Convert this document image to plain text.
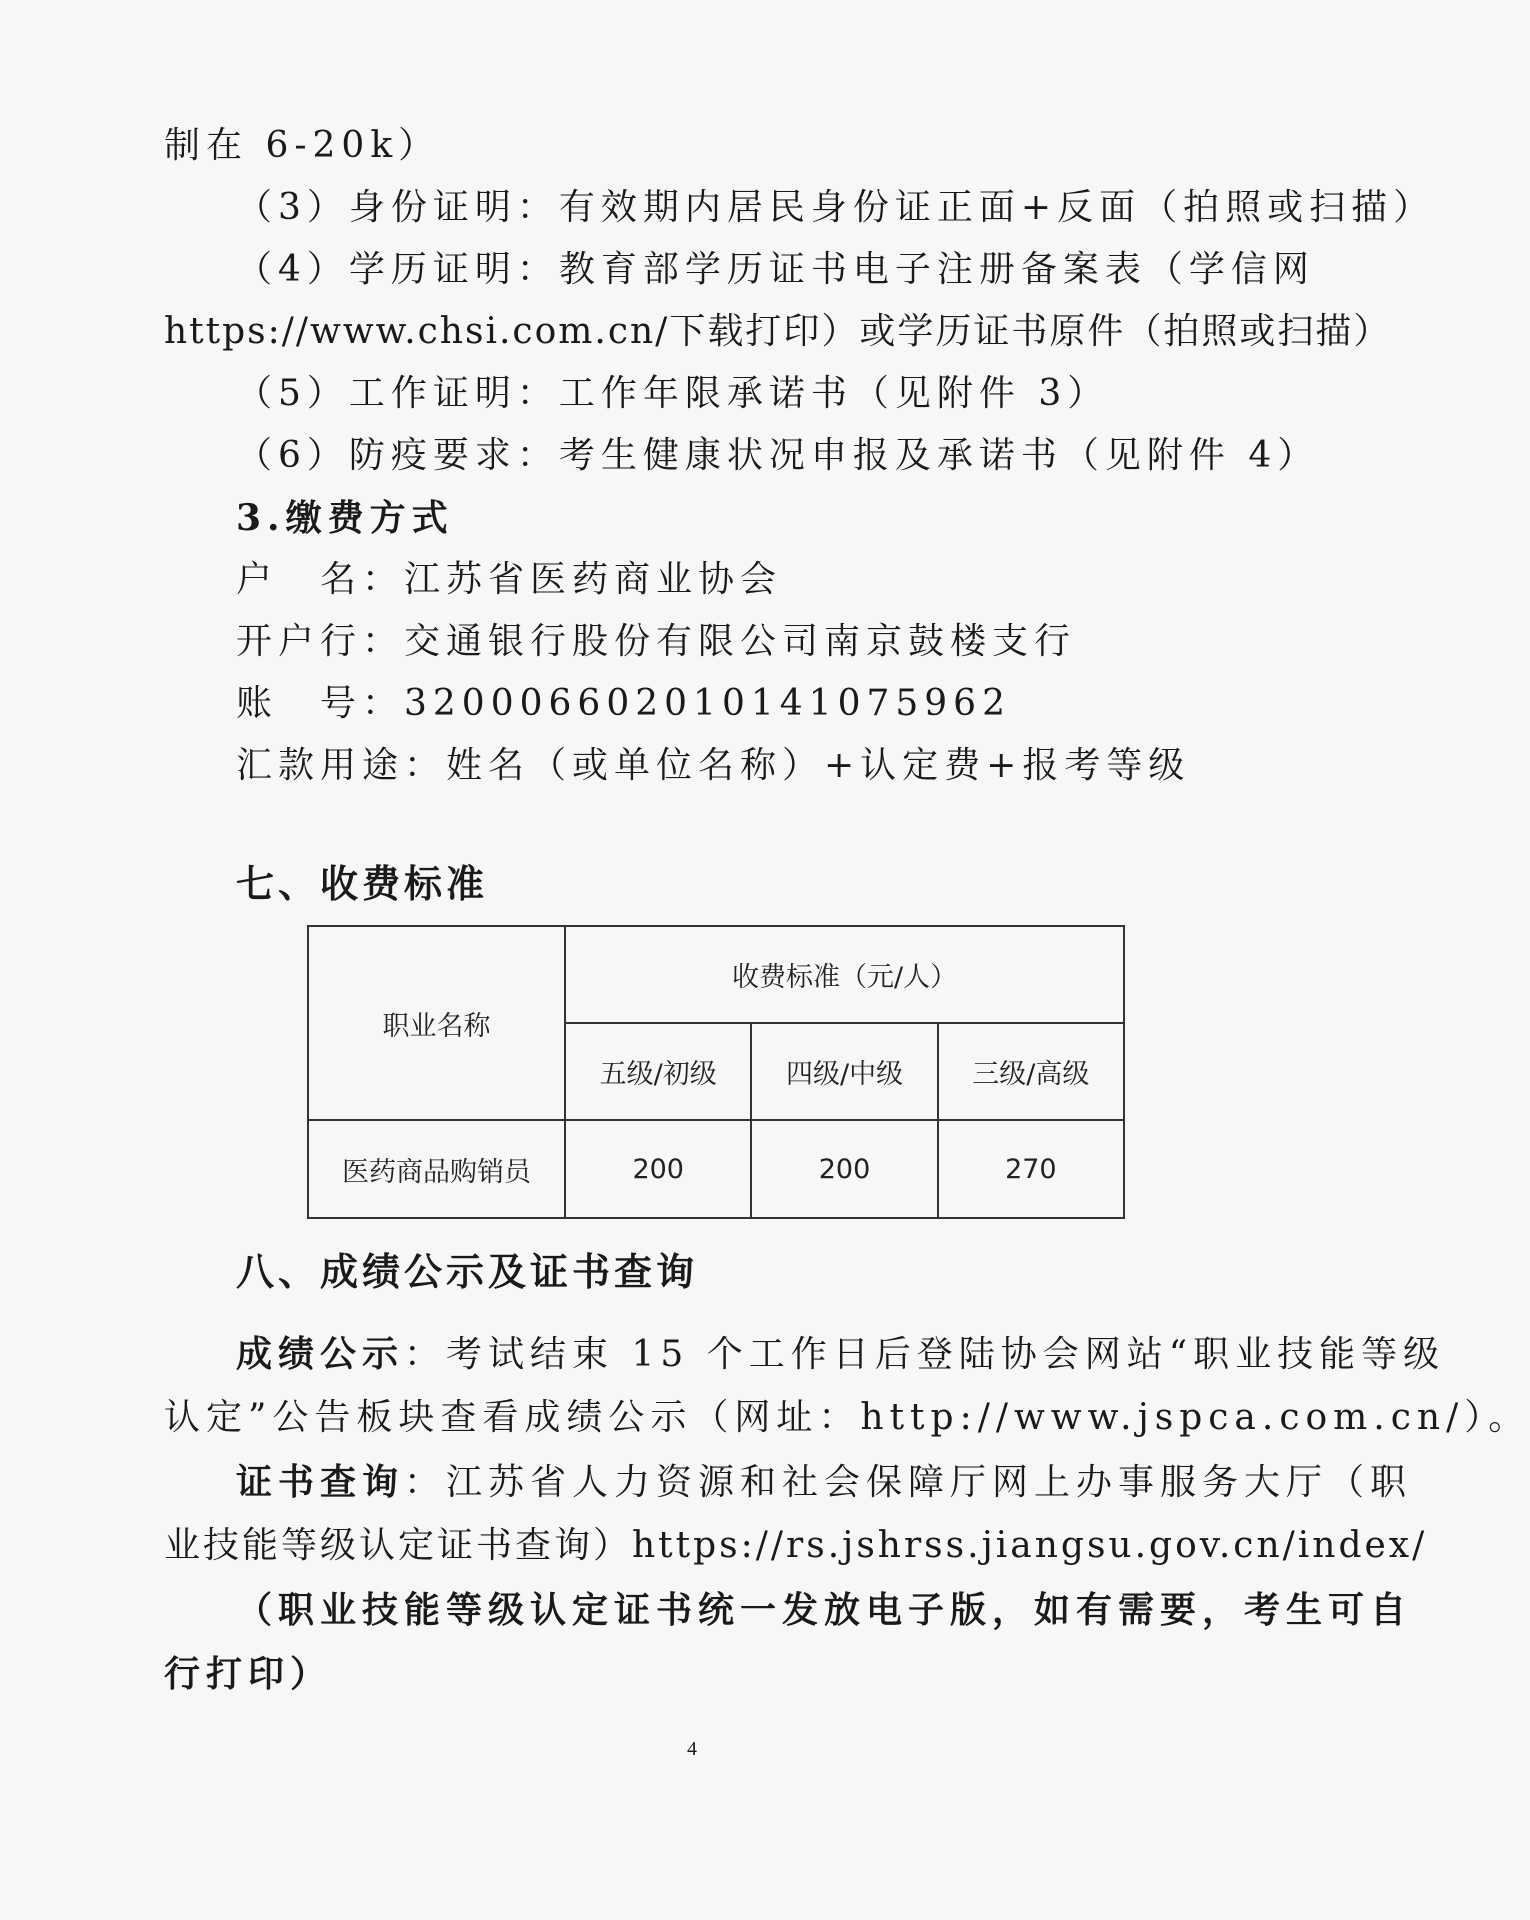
制在 6-20k）
（3）身份证明：有效期内居民身份证正面+反面（拍照或扫描）
（4）学历证明：教育部学历证书电子注册备案表（学信网
https://www.chsi.com.cn/下载打印）或学历证书原件（拍照或扫描）
（5）工作证明：工作年限承诺书（见附件 3）
（6）防疫要求：考生健康状况申报及承诺书（见附件 4）
3.缴费方式
户　名：江苏省医药商业协会
开户行：交通银行股份有限公司南京鼓楼支行
账　号：320006602010141075962
汇款用途：姓名（或单位名称）+认定费+报考等级
七、收费标准
职业名称	收费标准（元/人）		
	五级/初级	四级/中级	三级/高级
医药商品购销员	200	200	270
八、成绩公示及证书查询
成绩公示：考试结束 15 个工作日后登陆协会网站“职业技能等级
认定”公告板块查看成绩公示（网址：http://www.jspca.com.cn/）。
证书查询：江苏省人力资源和社会保障厅网上办事服务大厅（职
业技能等级认定证书查询）https://rs.jshrss.jiangsu.gov.cn/index/
（职业技能等级认定证书统一发放电子版，如有需要，考生可自
行打印）
4
